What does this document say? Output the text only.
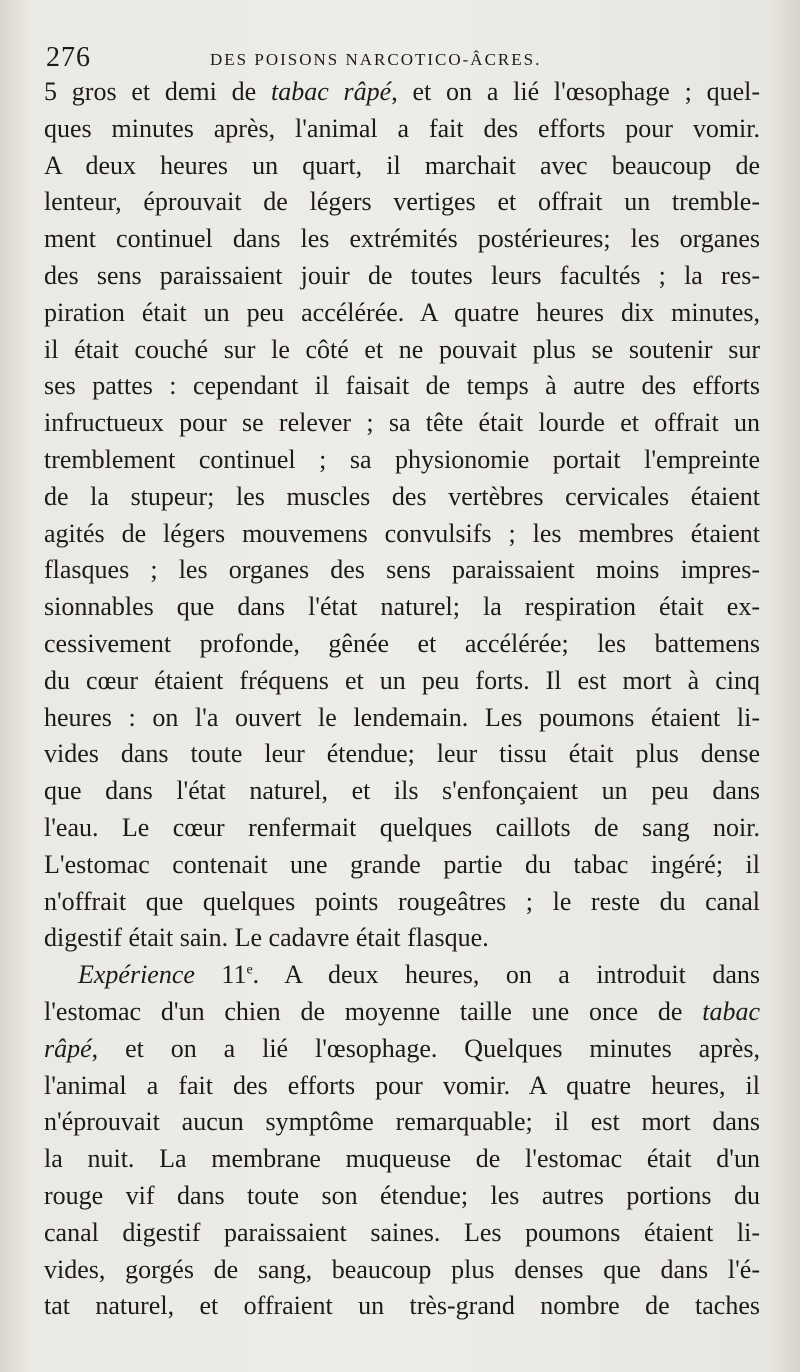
276	DES POISONS NARCOTICO-ÂCRES.
5 gros et demi de tabac râpé, et on a lié l'œsophage ; quel-
ques minutes après, l'animal a fait des efforts pour vomir.
A deux heures un quart, il marchait avec beaucoup de
lenteur, éprouvait de légers vertiges et offrait un tremble-
ment continuel dans les extrémités postérieures; les organes
des sens paraissaient jouir de toutes leurs facultés ; la res-
piration était un peu accélérée. A quatre heures dix minutes,
il était couché sur le côté et ne pouvait plus se soutenir sur
ses pattes : cependant il faisait de temps à autre des efforts
infructueux pour se relever ; sa tête était lourde et offrait un
tremblement continuel ; sa physionomie portait l'empreinte
de la stupeur; les muscles des vertèbres cervicales étaient
agités de légers mouvemens convulsifs ; les membres étaient
flasques ; les organes des sens paraissaient moins impres-
sionnables que dans l'état naturel; la respiration était ex-
cessivement profonde, gênée et accélérée; les battemens
du cœur étaient fréquens et un peu forts. Il est mort à cinq
heures : on l'a ouvert le lendemain. Les poumons étaient li-
vides dans toute leur étendue; leur tissu était plus dense
que dans l'état naturel, et ils s'enfonçaient un peu dans
l'eau. Le cœur renfermait quelques caillots de sang noir.
L'estomac contenait une grande partie du tabac ingéré; il
n'offrait que quelques points rougeâtres ; le reste du canal
digestif était sain. Le cadavre était flasque.
Expérience 11e. A deux heures, on a introduit dans
l'estomac d'un chien de moyenne taille une once de tabac
râpé, et on a lié l'œsophage. Quelques minutes après,
l'animal a fait des efforts pour vomir. A quatre heures, il
n'éprouvait aucun symptôme remarquable; il est mort dans
la nuit. La membrane muqueuse de l'estomac était d'un
rouge vif dans toute son étendue; les autres portions du
canal digestif paraissaient saines. Les poumons étaient li-
vides, gorgés de sang, beaucoup plus denses que dans l'é-
tat naturel, et offraient un très-grand nombre de taches
